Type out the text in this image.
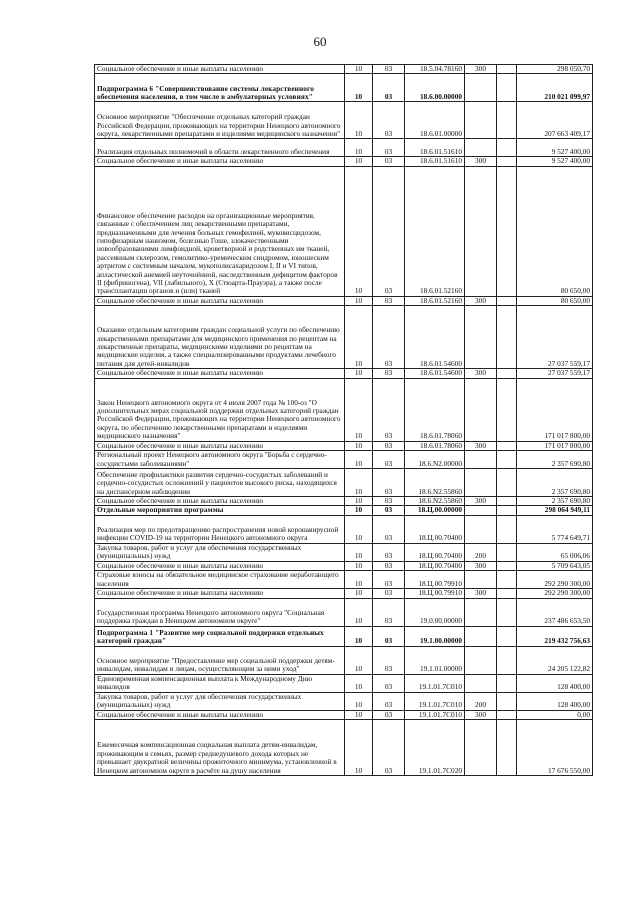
60
Социальное обеспечение и иные выплаты населению	10	03	18.5.04.78160	300		298 050,70
Подпрограмма 6 "Совершенствование системы лекарственного обеспечения населения, в том числе в амбулаторных условиях"	10	03	18.6.00.00000			210 021 099,97
Основное мероприятие "Обеспечение отдельных категорий граждан Российской Федерации, проживающих на территории Ненецкого автономного округа, лекарственными препаратами и изделиями медицинского назначения"	10	03	18.6.01.00000			207 663 409,17
Реализация отдельных полномочий в области лекарственного обеспечения	10	03	18.6.01.51610			9 527 400,00
Социальное обеспечение и иные выплаты населению	10	03	18.6.01.51610	300		9 527 400,00
Финансовое обеспечение расходов на организационные мероприятия, связанные с обеспечением лиц лекарственными препаратами, предназначенными для лечения больных гемофилией, муковисцидозом, гипофизарным нанизмом, болезнью Гоше, злокачественными новообразованиями лимфоидной, кроветворной и родственных им тканей, рассеянным склерозом, гемолитико-уремическим синдромом, юношеским артритом с системным началом, мукополисахаридозом I, II и VI типов, апластической анемией неуточнённой, наследственным дефицитом факторов II (фибриногена), VII (лабильного), X (Стюарта-Прауэра), а также после трансплантации органов и (или) тканей	10	03	18.6.01.52160			80 650,00
Социальное обеспечение и иные выплаты населению	10	03	18.6.01.52160	300		80 650,00
Оказание отдельным категориям граждан социальной услуги по обеспечению лекарственными препаратами для медицинского применения по рецептам на лекарственные препараты, медицинскими изделиями по рецептам на медицинские изделия, а также специализированными продуктами лечебного питания для детей-инвалидов	10	03	18.6.01.54600			27 037 559,17
Социальное обеспечение и иные выплаты населению	10	03	18.6.01.54600	300		27 037 559,17
Закон Ненецкого автономного округа от 4 июля 2007 года № 100-оз "О дополнительных мерах социальной поддержки отдельных категорий граждан Российской Федерации, проживающих на территории Ненецкого автономного округа, по обеспечению лекарственными препаратами и изделиями медицинского назначения"	10	03	18.6.01.78060			171 017 800,00
Социальное обеспечение и иные выплаты населению	10	03	18.6.01.78060	300		171 017 800,00
Региональный проект Ненецкого автономного округа "Борьба с сердечно-сосудистыми заболеваниями"	10	03	18.6.N2.00000			2 357 690,80
Обеспечение профилактики развития сердечно-сосудистых заболеваний и сердечно-сосудистых осложнений у пациентов высокого риска, находящихся на диспансерном наблюдении	10	03	18.6.N2.55860			2 357 690,80
Социальное обеспечение и иные выплаты населению	10	03	18.6.N2.55860	300		2 357 690,80
Отдельные мероприятия программы	10	03	18.Ц.00.00000			298 064 949,11
Реализация мер по предотвращению распространения новой коронавирусной инфекции COVID-19 на территории Ненецкого автономного округа	10	03	18.Ц.00.70400			5 774 649,71
Закупка товаров, работ и услуг для обеспечения государственных (муниципальных) нужд	10	03	18.Ц.00.70400	200		65 006,06
Социальное обеспечение и иные выплаты населению	10	03	18.Ц.00.70400	300		5 709 643,05
Страховые взносы на обязательное медицинское страхование неработающего населения	10	03	18.Ц.00.79910			292 290 300,00
Социальное обеспечение и иные выплаты населению	10	03	18.Ц.00.79910	300		292 290 300,00
Государственная программа Ненецкого автономного округа "Социальная поддержка граждан в Ненецком автономном округе"	10	03	19.0.00.00000			237 486 653,50
Подпрограмма 1 "Развитие мер социальной поддержки отдельных категорий граждан"	10	03	19.1.00.00000			219 432 756,63
Основное мероприятие "Предоставление мер социальной поддержки детям-инвалидам, инвалидам и лицам, осуществляющим за ними уход"	10	03	19.1.01.00000			24 205 122,82
Единовременная компенсационная выплата к Международному Дню инвалидов	10	03	19.1.01.7С010			128 400,00
Закупка товаров, работ и услуг для обеспечения государственных (муниципальных) нужд	10	03	19.1.01.7С010	200		128 400,00
Социальное обеспечение и иные выплаты населению	10	03	19.1.01.7С010	300		0,00
Ежемесячная компенсационная социальная выплата детям-инвалидам, проживающим в семьях, размер среднедушевого дохода которых не превышает двукратной величины прожиточного минимума, установленной в Ненецком автономном округе в расчёте на душу населения	10	03	19.1.01.7С020			17 676 550,00
